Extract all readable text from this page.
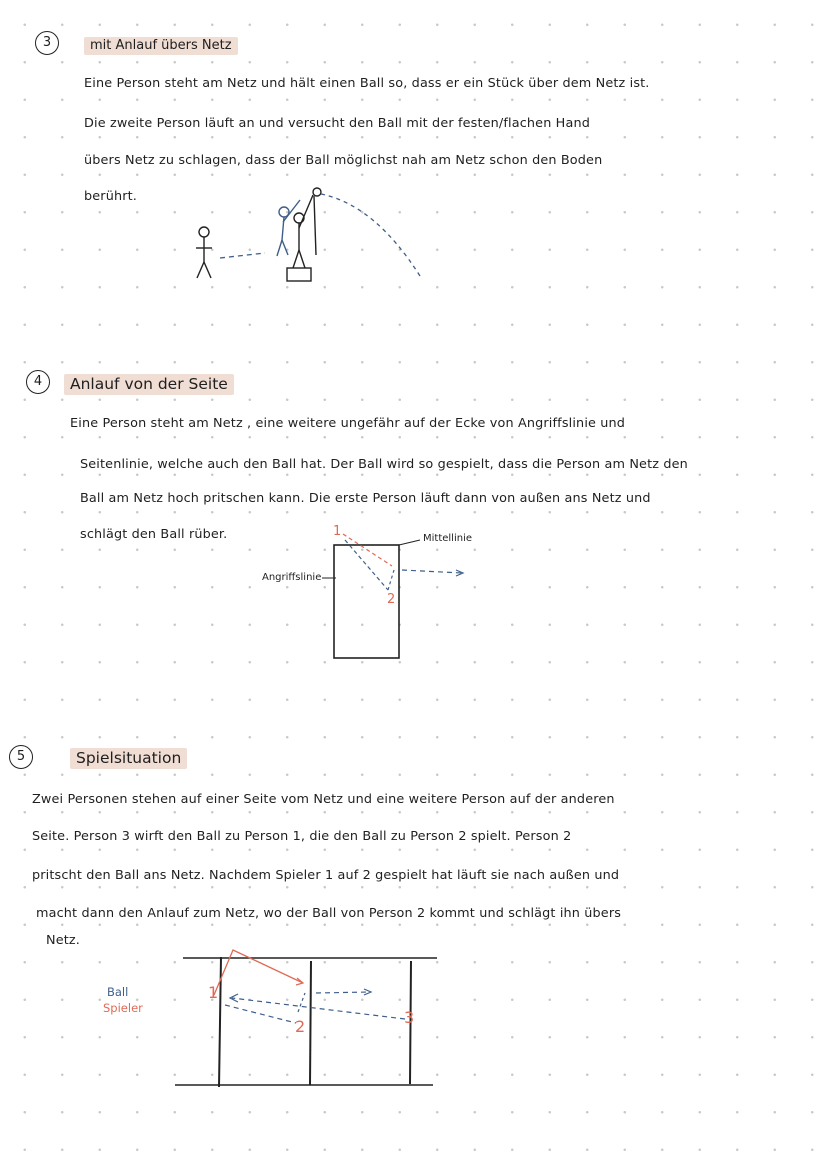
3	mit Anlauf übers Netz
Eine Person steht am Netz und hält einen Ball so, dass er ein Stück über dem Netz ist.
Die zweite Person läuft an und versucht den Ball mit der festen/flachen Hand
übers Netz zu schlagen, dass der Ball möglichst nah am Netz schon den Boden
berührt.
4	Anlauf von der Seite
Eine Person steht am Netz , eine weitere ungefähr auf der Ecke von Angriffslinie und
Seitenlinie, welche auch den Ball hat. Der Ball wird so gespielt, dass die Person am Netz den
Ball am Netz hoch pritschen kann. Die erste Person läuft dann von außen ans Netz und
schlägt den Ball rüber.	Mittellinie
Angriffslinie
1
2
5	Spielsituation
Zwei Personen stehen auf einer Seite vom Netz und eine weitere Person auf der anderen
Seite. Person 3 wirft den Ball zu Person 1, die den Ball zu Person 2 spielt. Person 2
pritscht den Ball ans Netz. Nachdem Spieler 1 auf 2 gespielt hat läuft sie nach außen und
macht dann den Anlauf zum Netz, wo der Ball von Person 2 kommt und schlägt ihn übers
Netz.
Ball
Spieler
1
2	3
